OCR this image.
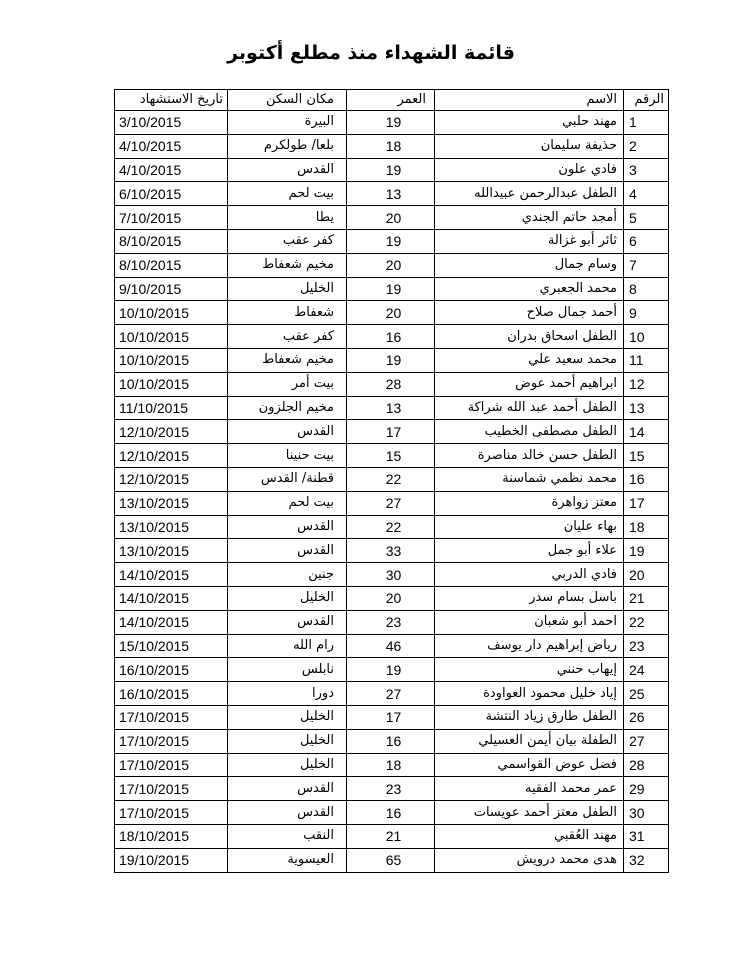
قائمة الشهداء منذ مطلع أكتوبر
الرقم	الاسم	العمر	مكان السكن	تاريخ الاستشهاد
1	مهند حلبي	19	البيرة	3/10/2015
2	حذيفة سليمان	18	بلعا/ طولكرم	4/10/2015
3	فادي علون	19	القدس	4/10/2015
4	الطفل عبدالرحمن عبيدالله	13	بيت لحم	6/10/2015
5	أمجد حاتم الجندي	20	يطا	7/10/2015
6	ثائر أبو غزالة	19	كفر عقب	8/10/2015
7	وسام جمال	20	مخيم شعفاط	8/10/2015
8	محمد الجعبري	19	الخليل	9/10/2015
9	أحمد جمال صلاح	20	شعفاط	10/10/2015
10	الطفل اسحاق بدران	16	كفر عقب	10/10/2015
11	محمد سعيد علي	19	مخيم شعفاط	10/10/2015
12	ابراهيم أحمد عوض	28	بيت أمر	10/10/2015
13	الطفل أحمد عبد الله شراكة	13	مخيم الجلزون	11/10/2015
14	الطفل مصطفى الخطيب	17	القدس	12/10/2015
15	الطفل حسن خالد مناصرة	15	بيت حنينا	12/10/2015
16	محمد نظمي شماسنة	22	قطنة/ القدس	12/10/2015
17	معتز زواهرة	27	بيت لحم	13/10/2015
18	بهاء عليان	22	القدس	13/10/2015
19	علاء أبو جمل	33	القدس	13/10/2015
20	فادي الدربي	30	جنين	14/10/2015
21	باسل بسام سدر	20	الخليل	14/10/2015
22	احمد أبو شعبان	23	القدس	14/10/2015
23	رياض إبراهيم دار يوسف	46	رام الله	15/10/2015
24	إيهاب حنني	19	نابلس	16/10/2015
25	إياد خليل محمود العواودة	27	دورا	16/10/2015
26	الطفل طارق زياد النتشة	17	الخليل	17/10/2015
27	الطفلة بيان أيمن العسيلي	16	الخليل	17/10/2015
28	فضل عوض القواسمي	18	الخليل	17/10/2015
29	عمر محمد الفقيه	23	القدس	17/10/2015
30	الطفل معتز أحمد عويسات	16	القدس	17/10/2015
31	مهند العُقبي	21	النقب	18/10/2015
32	هدى محمد درويش	65	العيسوية	19/10/2015
